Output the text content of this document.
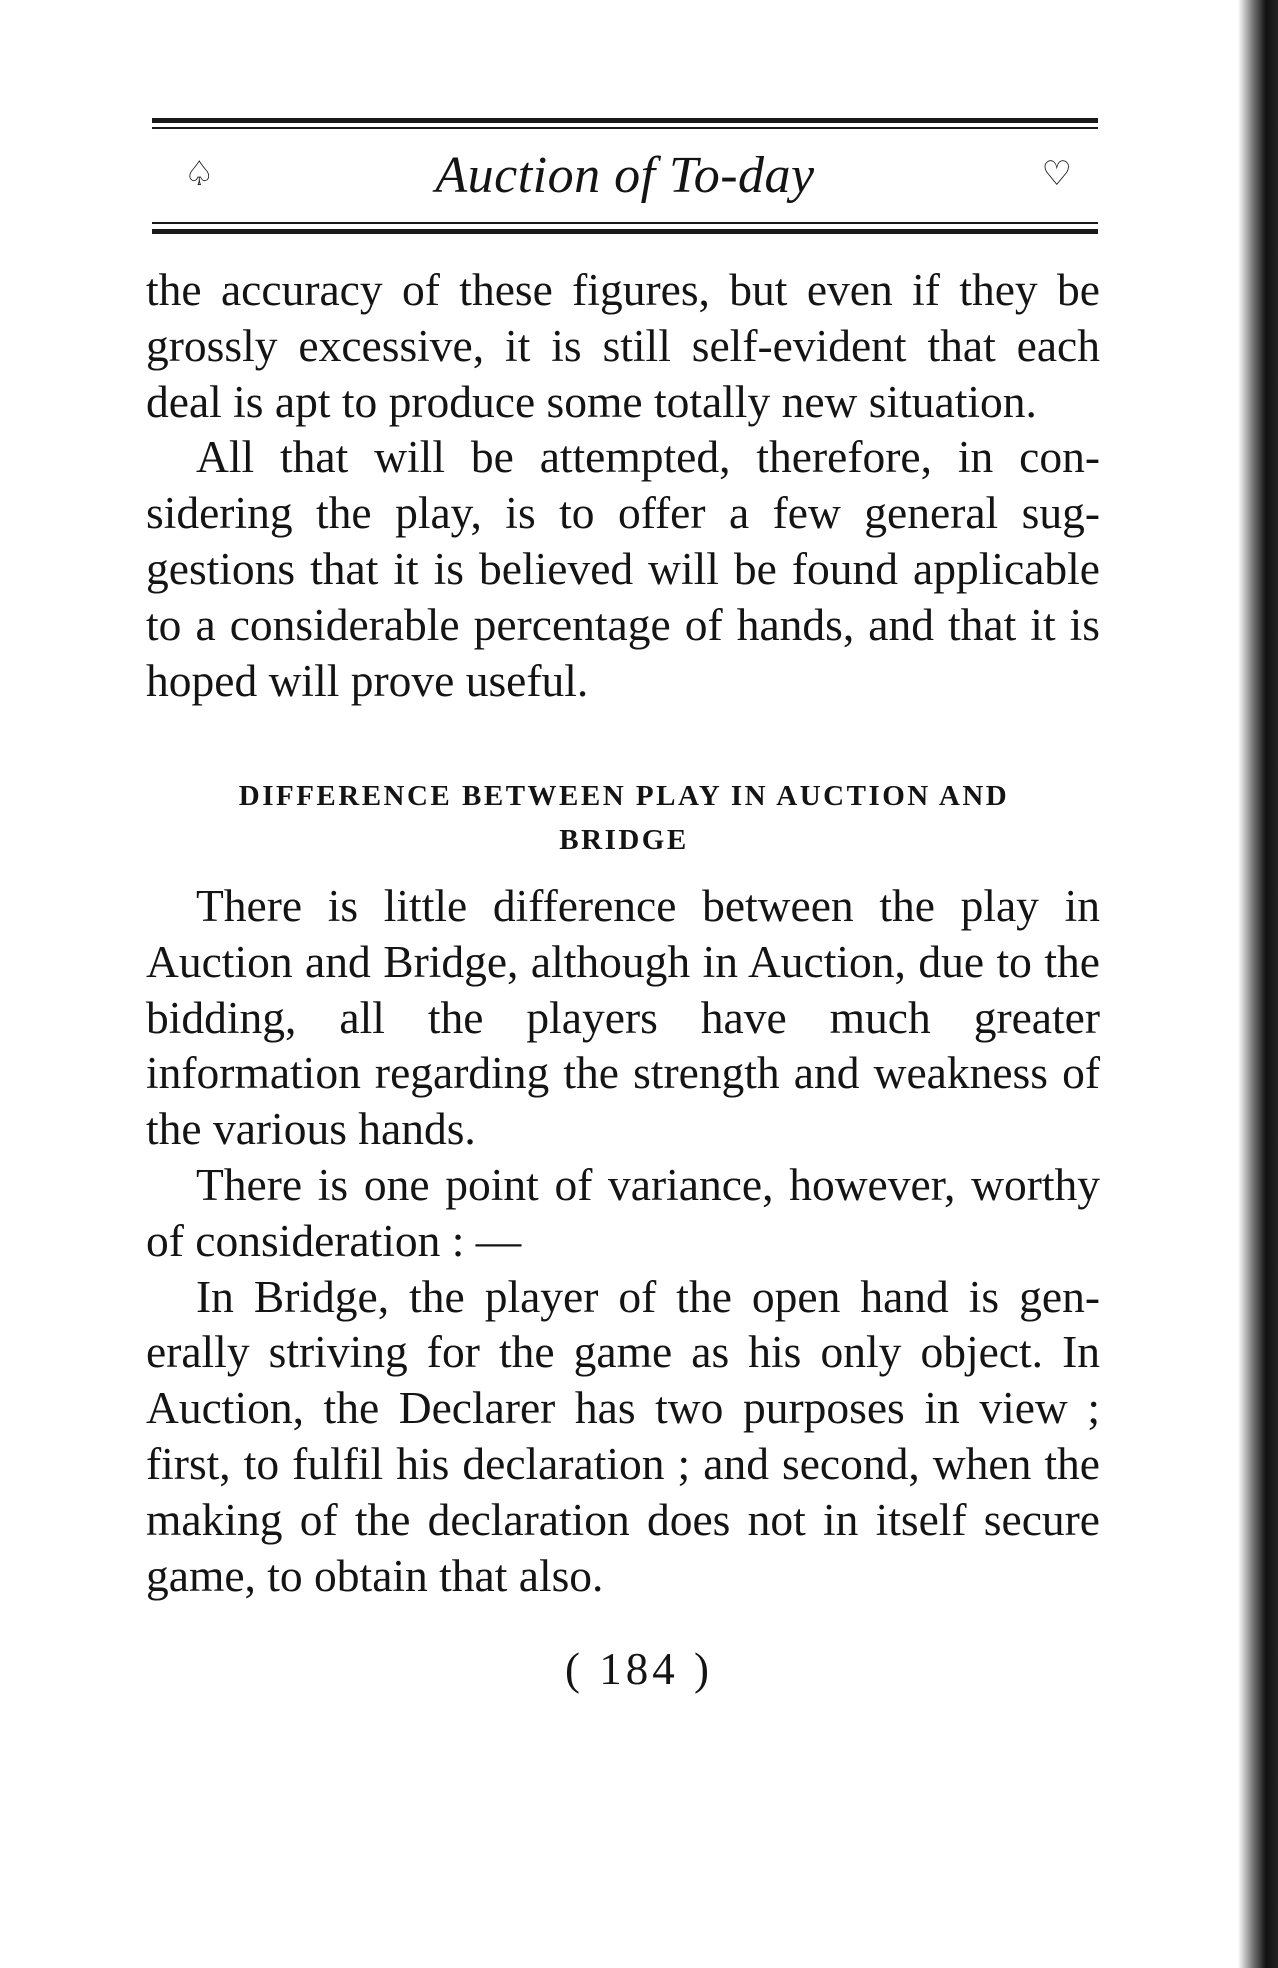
♤	Auction of To-day	♡

the accuracy of these figures, but even if they be grossly excessive, it is still self-evident that each deal is apt to produce some totally new situation.

All that will be attempted, therefore, in considering the play, is to offer a few general suggestions that it is believed will be found applicable to a considerable percentage of hands, and that it is hoped will prove useful.

DIFFERENCE BETWEEN PLAY IN AUCTION AND BRIDGE

There is little difference between the play in Auction and Bridge, although in Auction, due to the bidding, all the players have much greater information regarding the strength and weakness of the various hands.

There is one point of variance, however, worthy of consideration : —

In Bridge, the player of the open hand is generally striving for the game as his only object. In Auction, the Declarer has two purposes in view ; first, to fulfil his declaration ; and second, when the making of the declaration does not in itself secure game, to obtain that also.

( 184 )
